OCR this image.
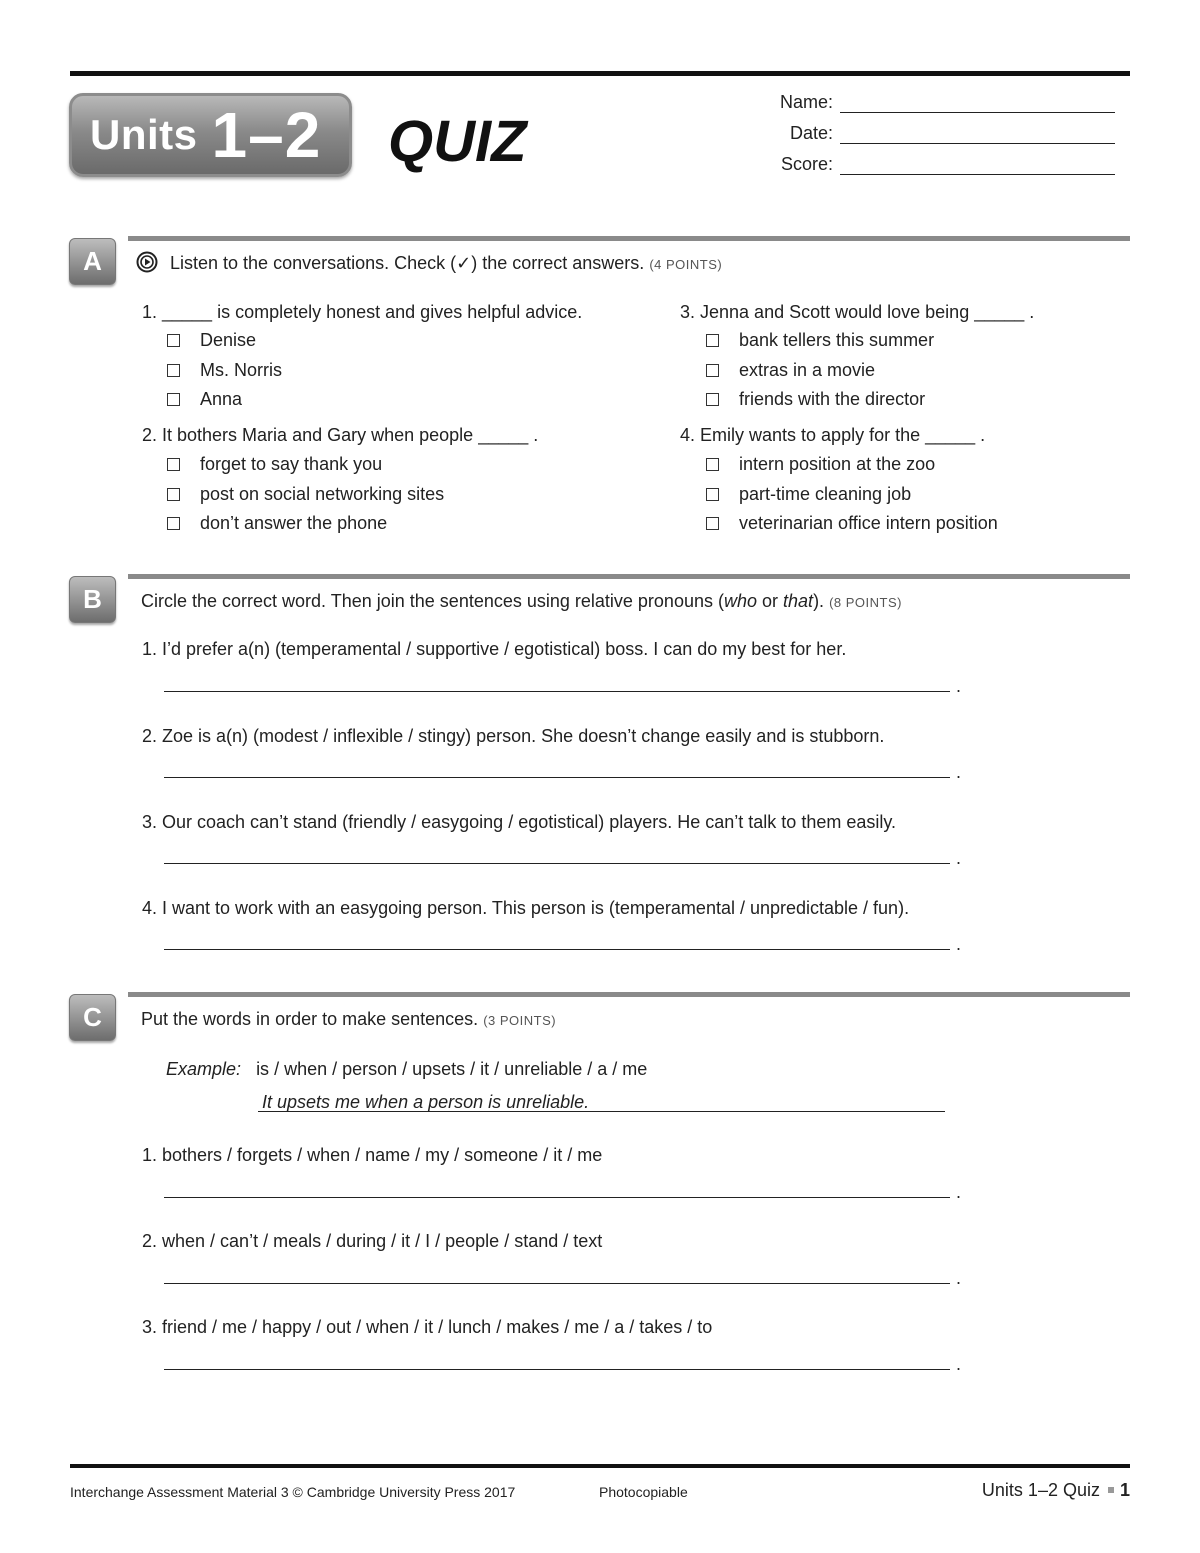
Units 1–2 QUIZ
Name:
Date:
Score:
A	Listen to the conversations. Check (✓) the correct answers. (4 POINTS)
1. _____ is completely honest and gives helpful advice.
Denise
Ms. Norris
Anna
2. It bothers Maria and Gary when people _____ .
forget to say thank you
post on social networking sites
don’t answer the phone
3. Jenna and Scott would love being _____ .
bank tellers this summer
extras in a movie
friends with the director
4. Emily wants to apply for the _____ .
intern position at the zoo
part-time cleaning job
veterinarian office intern position
B	Circle the correct word. Then join the sentences using relative pronouns (who or that). (8 POINTS)
1. I’d prefer a(n) (temperamental / supportive / egotistical) boss. I can do my best for her.
.
2. Zoe is a(n) (modest / inflexible / stingy) person. She doesn’t change easily and is stubborn.
.
3. Our coach can’t stand (friendly / easygoing / egotistical) players. He can’t talk to them easily.
.
4. I want to work with an easygoing person. This person is (temperamental / unpredictable / fun).
.
C	Put the words in order to make sentences. (3 POINTS)
Example: is / when / person / upsets / it / unreliable / a / me
It upsets me when a person is unreliable.
1. bothers / forgets / when / name / my / someone / it / me
.
2. when / can’t / meals / during / it / I / people / stand / text
.
3. friend / me / happy / out / when / it / lunch / makes / me / a / takes / to
.
Interchange Assessment Material 3 © Cambridge University Press 2017	Photocopiable	Units 1–2 Quiz 1
